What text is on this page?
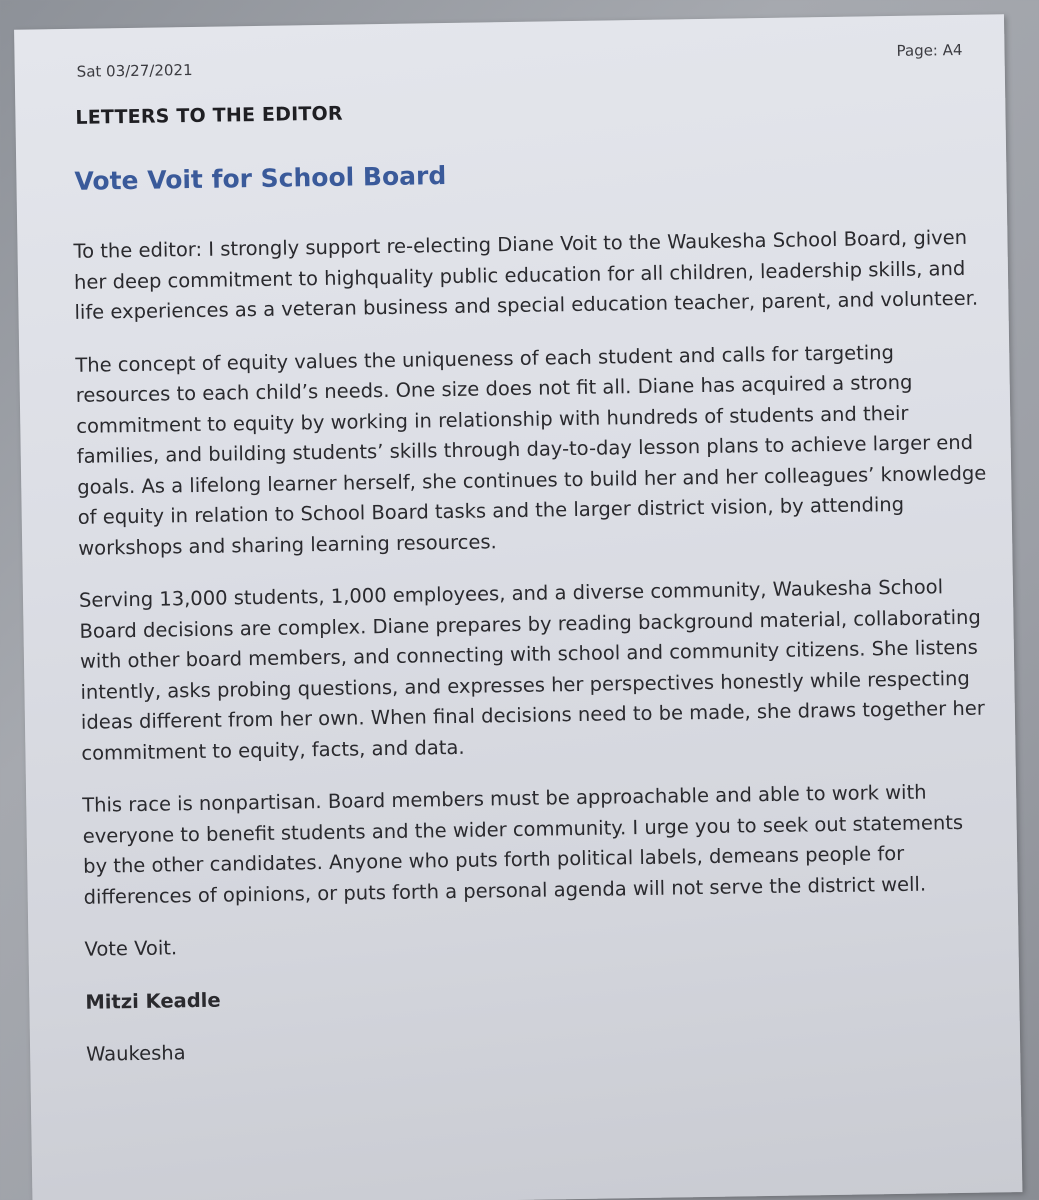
Sat 03/27/2021
Page: A4
LETTERS TO THE EDITOR
Vote Voit for School Board

To the editor: I strongly support re-electing Diane Voit to the Waukesha School Board, given her deep commitment to highquality public education for all children, leadership skills, and life experiences as a veteran business and special education teacher, parent, and volunteer.

The concept of equity values the uniqueness of each student and calls for targeting resources to each child’s needs. One size does not fit all. Diane has acquired a strong commitment to equity by working in relationship with hundreds of students and their families, and building students’ skills through day-to-day lesson plans to achieve larger end goals. As a lifelong learner herself, she continues to build her and her colleagues’ knowledge of equity in relation to School Board tasks and the larger district vision, by attending workshops and sharing learning resources.

Serving 13,000 students, 1,000 employees, and a diverse community, Waukesha School Board decisions are complex. Diane prepares by reading background material, collaborating with other board members, and connecting with school and community citizens. She listens intently, asks probing questions, and expresses her perspectives honestly while respecting ideas different from her own. When final decisions need to be made, she draws together her commitment to equity, facts, and data.

This race is nonpartisan. Board members must be approachable and able to work with everyone to benefit students and the wider community. I urge you to seek out statements by the other candidates. Anyone who puts forth political labels, demeans people for differences of opinions, or puts forth a personal agenda will not serve the district well.

Vote Voit.

Mitzi Keadle

Waukesha
